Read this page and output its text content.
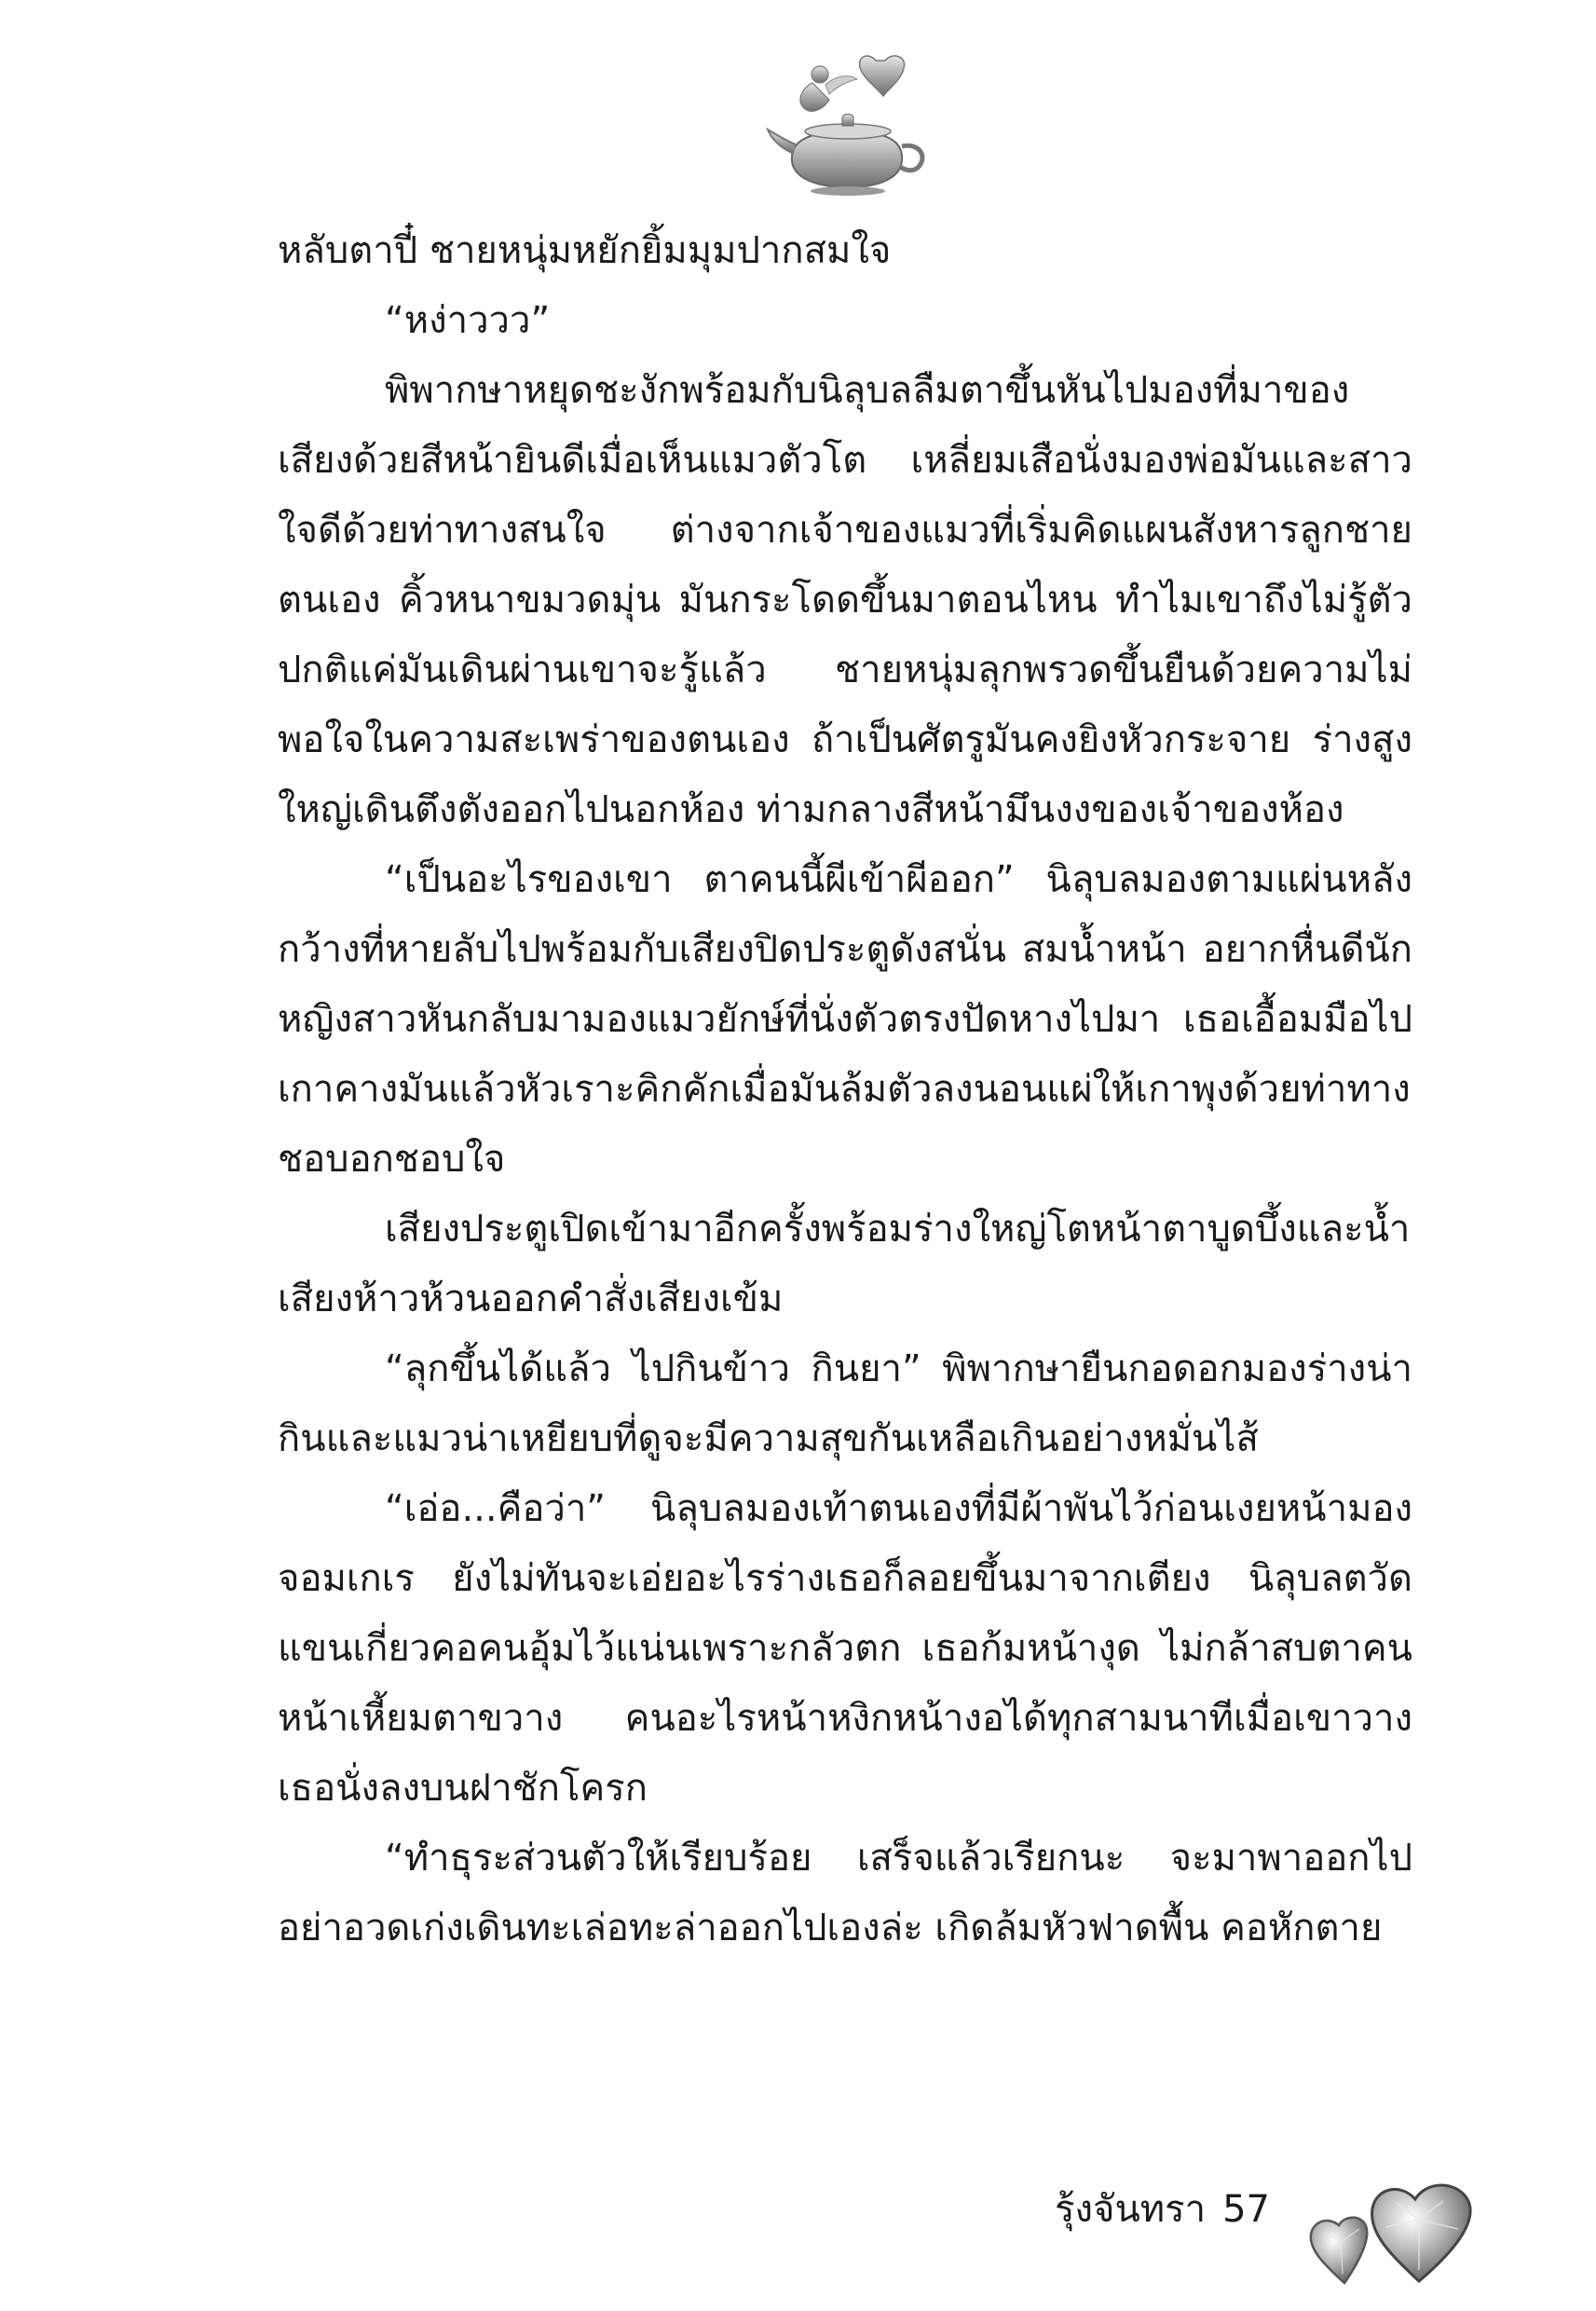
หลับตาปี๋ ชายหนุ่มหยักยิ้มมุมปากสมใจ

“หง่าววว”

พิพากษาหยุดชะงักพร้อมกับนิลุบลลืมตาขึ้นหันไปมองที่มาของเสียงด้วยสีหน้ายินดีเมื่อเห็นแมวตัวโต เหลี่ยมเสือนั่งมองพ่อมันและสาวใจดีด้วยท่าทางสนใจ ต่างจากเจ้าของแมวที่เริ่มคิดแผนสังหารลูกชายตนเอง คิ้วหนาขมวดมุ่น มันกระโดดขึ้นมาตอนไหน ทำไมเขาถึงไม่รู้ตัว ปกติแค่มันเดินผ่านเขาจะรู้แล้ว ชายหนุ่มลุกพรวดขึ้นยืนด้วยความไม่พอใจในความสะเพร่าของตนเอง ถ้าเป็นศัตรูมันคงยิงหัวกระจาย ร่างสูงใหญ่เดินตึงตังออกไปนอกห้อง ท่ามกลางสีหน้ามึนงงของเจ้าของห้อง

“เป็นอะไรของเขา ตาคนนี้ผีเข้าผีออก” นิลุบลมองตามแผ่นหลังกว้างที่หายลับไปพร้อมกับเสียงปิดประตูดังสนั่น สมน้ำหน้า อยากหื่นดีนัก หญิงสาวหันกลับมามองแมวยักษ์ที่นั่งตัวตรงปัดหางไปมา เธอเอื้อมมือไปเกาคางมันแล้วหัวเราะคิกคักเมื่อมันล้มตัวลงนอนแผ่ให้เกาพุงด้วยท่าทางชอบอกชอบใจ

เสียงประตูเปิดเข้ามาอีกครั้งพร้อมร่างใหญ่โตหน้าตาบูดบึ้งและน้ำเสียงห้าวห้วนออกคำสั่งเสียงเข้ม

“ลุกขึ้นได้แล้ว ไปกินข้าว กินยา” พิพากษายืนกอดอกมองร่างน่ากินและแมวน่าเหยียบที่ดูจะมีความสุขกันเหลือเกินอย่างหมั่นไส้

“เอ่อ...คือว่า” นิลุบลมองเท้าตนเองที่มีผ้าพันไว้ก่อนเงยหน้ามองจอมเกเร ยังไม่ทันจะเอ่ยอะไรร่างเธอก็ลอยขึ้นมาจากเตียง นิลุบลตวัดแขนเกี่ยวคอคนอุ้มไว้แน่นเพราะกลัวตก เธอก้มหน้างุด ไม่กล้าสบตาคนหน้าเหี้ยมตาขวาง คนอะไรหน้าหงิกหน้างอได้ทุกสามนาทีเมื่อเขาวางเธอนั่งลงบนฝาชักโครก

“ทำธุระส่วนตัวให้เรียบร้อย เสร็จแล้วเรียกนะ จะมาพาออกไป อย่าอวดเก่งเดินทะเล่อทะล่าออกไปเองล่ะ เกิดล้มหัวฟาดพื้น คอหักตาย

รุ้งจันทรา 57
